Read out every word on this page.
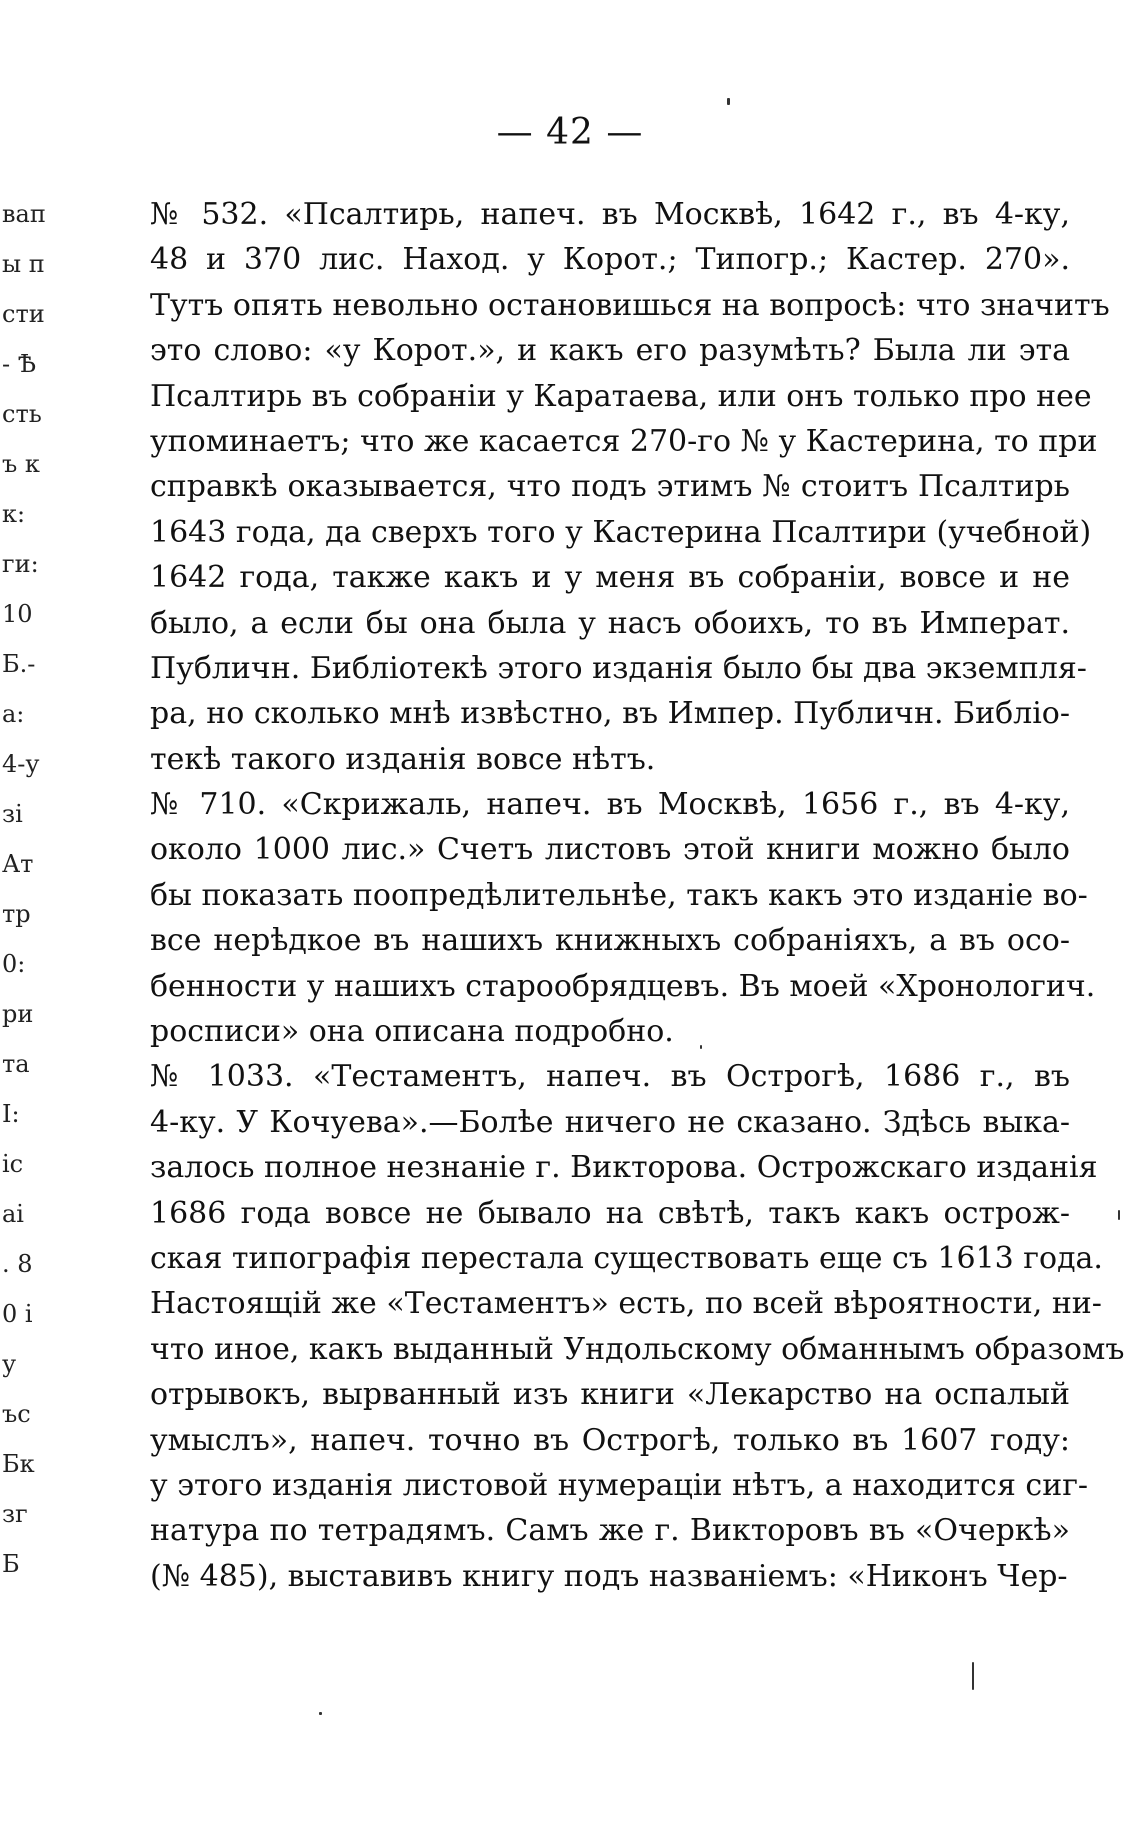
— 42 —
вап
ы п
сти
- Ѣ
сть
ъ к
к:
ги:
10
Б.-
а:
4-у
зі
Ат
тр
0:
ри
та
І:
ic
аі
. 8
0 і
у
ъс
Бк
зг
Б
№ 532. «Псалтирь, напеч. въ Москвѣ, 1642 г., въ 4-ку,
48 и 370 лис. Наход. у Корот.; Типогр.; Кастер. 270».
Тутъ опять невольно остановишься на вопросѣ: что значитъ
это слово: «у Корот.», и какъ его разумѣть? Была ли эта
Псалтирь въ собраніи у Каратаева, или онъ только про нее
упоминаетъ; что же касается 270-го № у Кастерина, то при
справкѣ оказывается, что подъ этимъ № стоитъ Псалтирь
1643 года, да сверхъ того у Кастерина Псалтири (учебной)
1642 года, также какъ и у меня въ собраніи, вовсе и не
было, а если бы она была у насъ обоихъ, то въ Императ.
Публичн. Библіотекѣ этого изданія было бы два экземпля-
ра, но сколько мнѣ извѣстно, въ Импер. Публичн. Библіо-
текѣ такого изданія вовсе нѣтъ.
№ 710. «Скрижаль, напеч. въ Москвѣ, 1656 г., въ 4-ку,
около 1000 лис.» Счетъ листовъ этой книги можно было
бы показать поопредѣлительнѣе, такъ какъ это изданіе во-
все нерѣдкое въ нашихъ книжныхъ собраніяхъ, а въ осо-
бенности у нашихъ старообрядцевъ. Въ моей «Хронологич.
росписи» она описана подробно.
№ 1033. «Тестаментъ, напеч. въ Острогѣ, 1686 г., въ
4-ку. У Кочуева».—Болѣе ничего не сказано. Здѣсь выка-
залось полное незнаніе г. Викторова. Острожскаго изданія
1686 года вовсе не бывало на свѣтѣ, такъ какъ острож-
ская типографія перестала существовать еще съ 1613 года.
Настоящій же «Тестаментъ» есть, по всей вѣроятности, ни-
что иное, какъ выданный Ундольскому обманнымъ образомъ
отрывокъ, вырванный изъ книги «Лекарство на оспалый
умыслъ», напеч. точно въ Острогѣ, только въ 1607 году:
у этого изданія листовой нумераціи нѣтъ, а находится сиг-
натура по тетрадямъ. Самъ же г. Викторовъ въ «Очеркѣ»
(№ 485), выставивъ книгу подъ названіемъ: «Никонъ Чер-
